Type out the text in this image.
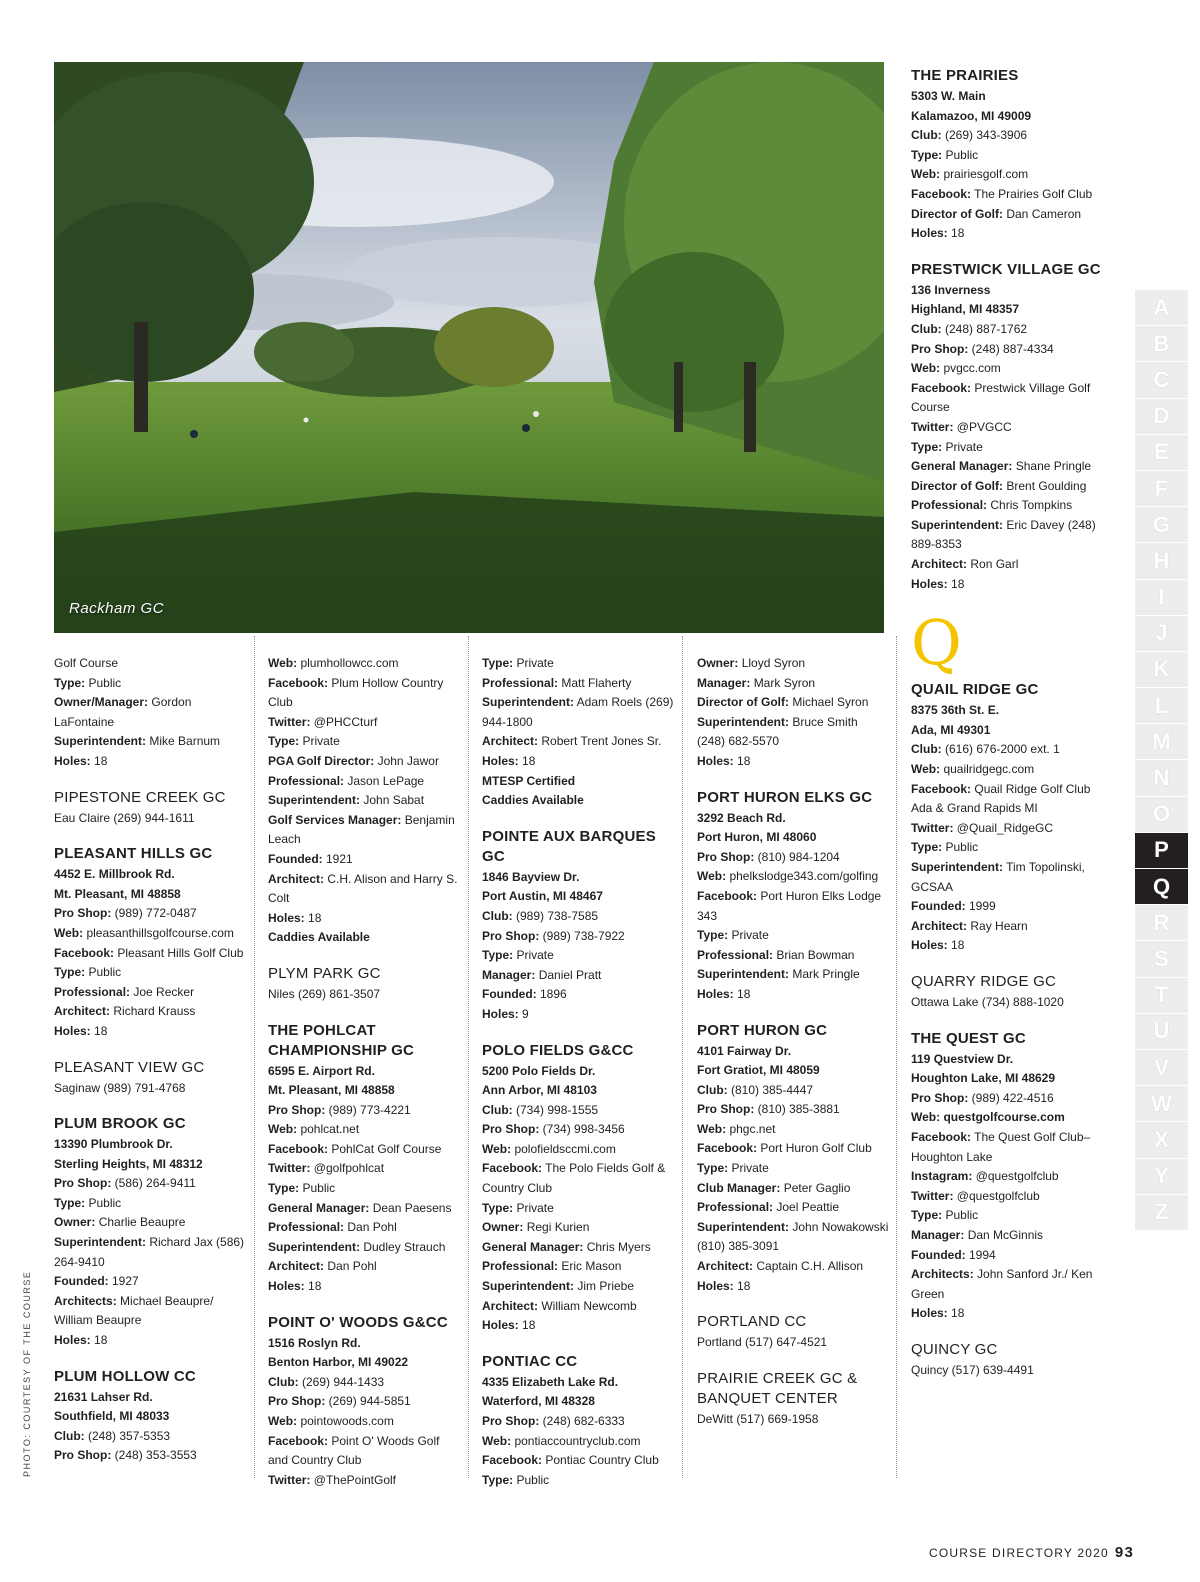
Rackham GC
Golf Course
Type: Public
Owner/Manager: Gordon LaFontaine
Superintendent: Mike Barnum
Holes: 18
PIPESTONE CREEK GC
Eau Claire (269) 944-1611
PLEASANT HILLS GC
4452 E. Millbrook Rd.
Mt. Pleasant, MI 48858
Pro Shop: (989) 772-0487
Web: pleasanthillsgolfcourse.com
Facebook: Pleasant Hills Golf Club
Type: Public
Professional: Joe Recker
Architect: Richard Krauss
Holes: 18
PLEASANT VIEW GC
Saginaw (989) 791-4768
PLUM BROOK GC
13390 Plumbrook Dr.
Sterling Heights, MI 48312
Pro Shop: (586) 264-9411
Type: Public
Owner: Charlie Beaupre
Superintendent: Richard Jax (586) 264-9410
Founded: 1927
Architects: Michael Beaupre/ William Beaupre
Holes: 18
PLUM HOLLOW CC
21631 Lahser Rd.
Southfield, MI 48033
Club: (248) 357-5353
Pro Shop: (248) 353-3553
Web: plumhollowcc.com
Facebook: Plum Hollow Country Club
Twitter: @PHCCturf
Type: Private
PGA Golf Director: John Jawor
Professional: Jason LePage
Superintendent: John Sabat
Golf Services Manager: Benjamin Leach
Founded: 1921
Architect: C.H. Alison and Harry S. Colt
Holes: 18
Caddies Available
PLYM PARK GC
Niles (269) 861-3507
THE POHLCAT CHAMPIONSHIP GC
6595 E. Airport Rd.
Mt. Pleasant, MI 48858
Pro Shop: (989) 773-4221
Web: pohlcat.net
Facebook: PohlCat Golf Course
Twitter: @golfpohlcat
Type: Public
General Manager: Dean Paesens
Professional: Dan Pohl
Superintendent: Dudley Strauch
Architect: Dan Pohl
Holes: 18
POINT O' WOODS G&CC
1516 Roslyn Rd.
Benton Harbor, MI 49022
Club: (269) 944-1433
Pro Shop: (269) 944-5851
Web: pointowoods.com
Facebook: Point O' Woods Golf and Country Club
Twitter: @ThePointGolf
Type: Private
Professional: Matt Flaherty
Superintendent: Adam Roels (269) 944-1800
Architect: Robert Trent Jones Sr.
Holes: 18
MTESP Certified
Caddies Available
POINTE AUX BARQUES GC
1846 Bayview Dr.
Port Austin, MI 48467
Club: (989) 738-7585
Pro Shop: (989) 738-7922
Type: Private
Manager: Daniel Pratt
Founded: 1896
Holes: 9
POLO FIELDS G&CC
5200 Polo Fields Dr.
Ann Arbor, MI 48103
Club: (734) 998-1555
Pro Shop: (734) 998-3456
Web: polofieldsccmi.com
Facebook: The Polo Fields Golf & Country Club
Type: Private
Owner: Regi Kurien
General Manager: Chris Myers
Professional: Eric Mason
Superintendent: Jim Priebe
Architect: William Newcomb
Holes: 18
PONTIAC CC
4335 Elizabeth Lake Rd.
Waterford, MI 48328
Pro Shop: (248) 682-6333
Web: pontiaccountryclub.com
Facebook: Pontiac Country Club
Type: Public
Owner: Lloyd Syron
Manager: Mark Syron
Director of Golf: Michael Syron
Superintendent: Bruce Smith (248) 682-5570
Holes: 18
PORT HURON ELKS GC
3292 Beach Rd.
Port Huron, MI 48060
Pro Shop: (810) 984-1204
Web: phelkslodge343.com/golfing
Facebook: Port Huron Elks Lodge 343
Type: Private
Professional: Brian Bowman
Superintendent: Mark Pringle
Holes: 18
PORT HURON GC
4101 Fairway Dr.
Fort Gratiot, MI 48059
Club: (810) 385-4447
Pro Shop: (810) 385-3881
Web: phgc.net
Facebook: Port Huron Golf Club
Type: Private
Club Manager: Peter Gaglio
Professional: Joel Peattie
Superintendent: John Nowakowski (810) 385-3091
Architect: Captain C.H. Allison
Holes: 18
PORTLAND CC
Portland (517) 647-4521
PRAIRIE CREEK GC & BANQUET CENTER
DeWitt (517) 669-1958
THE PRAIRIES
5303 W. Main
Kalamazoo, MI 49009
Club: (269) 343-3906
Type: Public
Web: prairiesgolf.com
Facebook: The Prairies Golf Club
Director of Golf: Dan Cameron
Holes: 18
PRESTWICK VILLAGE GC
136 Inverness
Highland, MI 48357
Club: (248) 887-1762
Pro Shop: (248) 887-4334
Web: pvgcc.com
Facebook: Prestwick Village Golf Course
Twitter: @PVGCC
Type: Private
General Manager: Shane Pringle
Director of Golf: Brent Goulding
Professional: Chris Tompkins
Superintendent: Eric Davey (248) 889-8353
Architect: Ron Garl
Holes: 18
Q
QUAIL RIDGE GC
8375 36th St. E.
Ada, MI 49301
Club: (616) 676-2000 ext. 1
Web: quailridgegc.com
Facebook: Quail Ridge Golf Club Ada & Grand Rapids MI
Twitter: @Quail_RidgeGC
Type: Public
Superintendent: Tim Topolinski, GCSAA
Founded: 1999
Architect: Ray Hearn
Holes: 18
QUARRY RIDGE GC
Ottawa Lake (734) 888-1020
THE QUEST GC
119 Questview Dr.
Houghton Lake, MI 48629
Pro Shop: (989) 422-4516
Web: questgolfcourse.com
Facebook: The Quest Golf Club–Houghton Lake
Instagram: @questgolfclub
Twitter: @questgolfclub
Type: Public
Manager: Dan McGinnis
Founded: 1994
Architects: John Sanford Jr./ Ken Green
Holes: 18
QUINCY GC
Quincy (517) 639-4491
A
B
C
D
E
F
G
H
I
J
K
L
M
N
O
P
Q
R
S
T
U
V
W
X
Y
Z
PHOTO: COURTESY OF THE COURSE
COURSE DIRECTORY 2020 93
